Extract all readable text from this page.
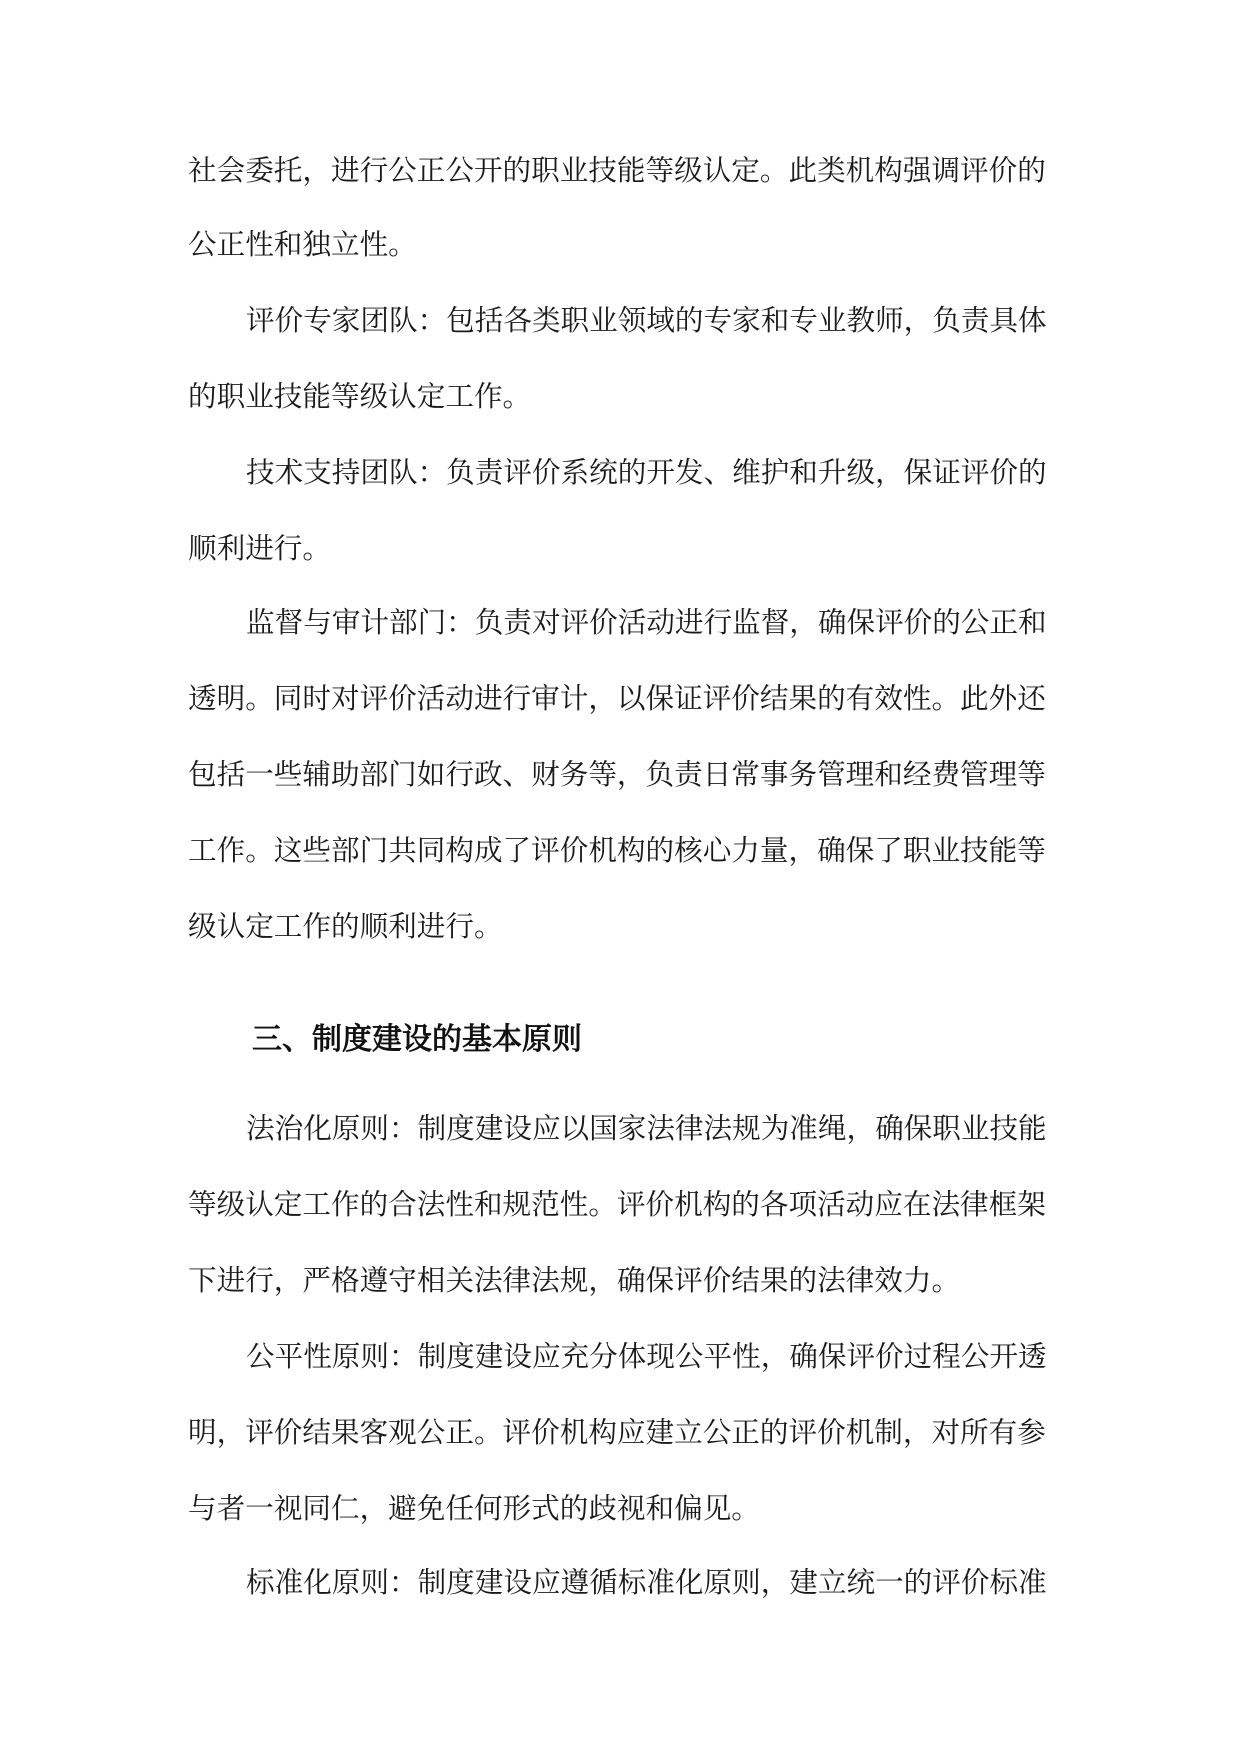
社会委托，进行公正公开的职业技能等级认定。此类机构强调评价的
公正性和独立性。
评价专家团队：包括各类职业领域的专家和专业教师，负责具体
的职业技能等级认定工作。
技术支持团队：负责评价系统的开发、维护和升级，保证评价的
顺利进行。
监督与审计部门：负责对评价活动进行监督，确保评价的公正和
透明。同时对评价活动进行审计，以保证评价结果的有效性。此外还
包括一些辅助部门如行政、财务等，负责日常事务管理和经费管理等
工作。这些部门共同构成了评价机构的核心力量，确保了职业技能等
级认定工作的顺利进行。
三、制度建设的基本原则
法治化原则：制度建设应以国家法律法规为准绳，确保职业技能
等级认定工作的合法性和规范性。评价机构的各项活动应在法律框架
下进行，严格遵守相关法律法规，确保评价结果的法律效力。
公平性原则：制度建设应充分体现公平性，确保评价过程公开透
明，评价结果客观公正。评价机构应建立公正的评价机制，对所有参
与者一视同仁，避免任何形式的歧视和偏见。
标准化原则：制度建设应遵循标准化原则，建立统一的评价标准
